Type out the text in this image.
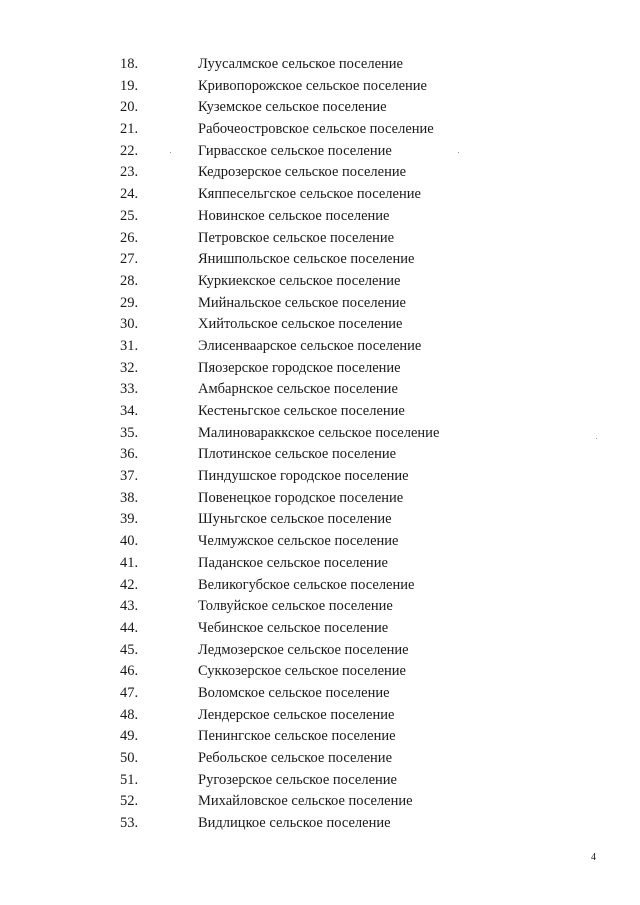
18.	Луусалмское сельское поселение
19.	Кривопорожское сельское поселение
20.	Куземское сельское поселение
21.	Рабочеостровское сельское поселение
22.	Гирвасское сельское поселение
23.	Кедрозерское сельское поселение
24.	Кяппесельгское сельское поселение
25.	Новинское сельское поселение
26.	Петровское сельское поселение
27.	Янишпольское сельское поселение
28.	Куркиекское сельское поселение
29.	Мийнальское сельское поселение
30.	Хийтольское сельское поселение
31.	Элисенваарское сельское поселение
32.	Пяозерское городское поселение
33.	Амбарнское сельское поселение
34.	Кестеньгское сельское поселение
35.	Малиновараккское сельское поселение
36.	Плотинское сельское поселение
37.	Пиндушское городское поселение
38.	Повенецкое городское поселение
39.	Шуньгское сельское поселение
40.	Челмужское сельское поселение
41.	Паданское сельское поселение
42.	Великогубское сельское поселение
43.	Толвуйское сельское поселение
44.	Чебинское сельское поселение
45.	Ледмозерское сельское поселение
46.	Суккозерское сельское поселение
47.	Воломское сельское поселение
48.	Лендерское сельское поселение
49.	Пенингское сельское поселение
50.	Ребольское сельское поселение
51.	Ругозерское сельское поселение
52.	Михайловское сельское поселение
53.	Видлицкое сельское поселение
4
